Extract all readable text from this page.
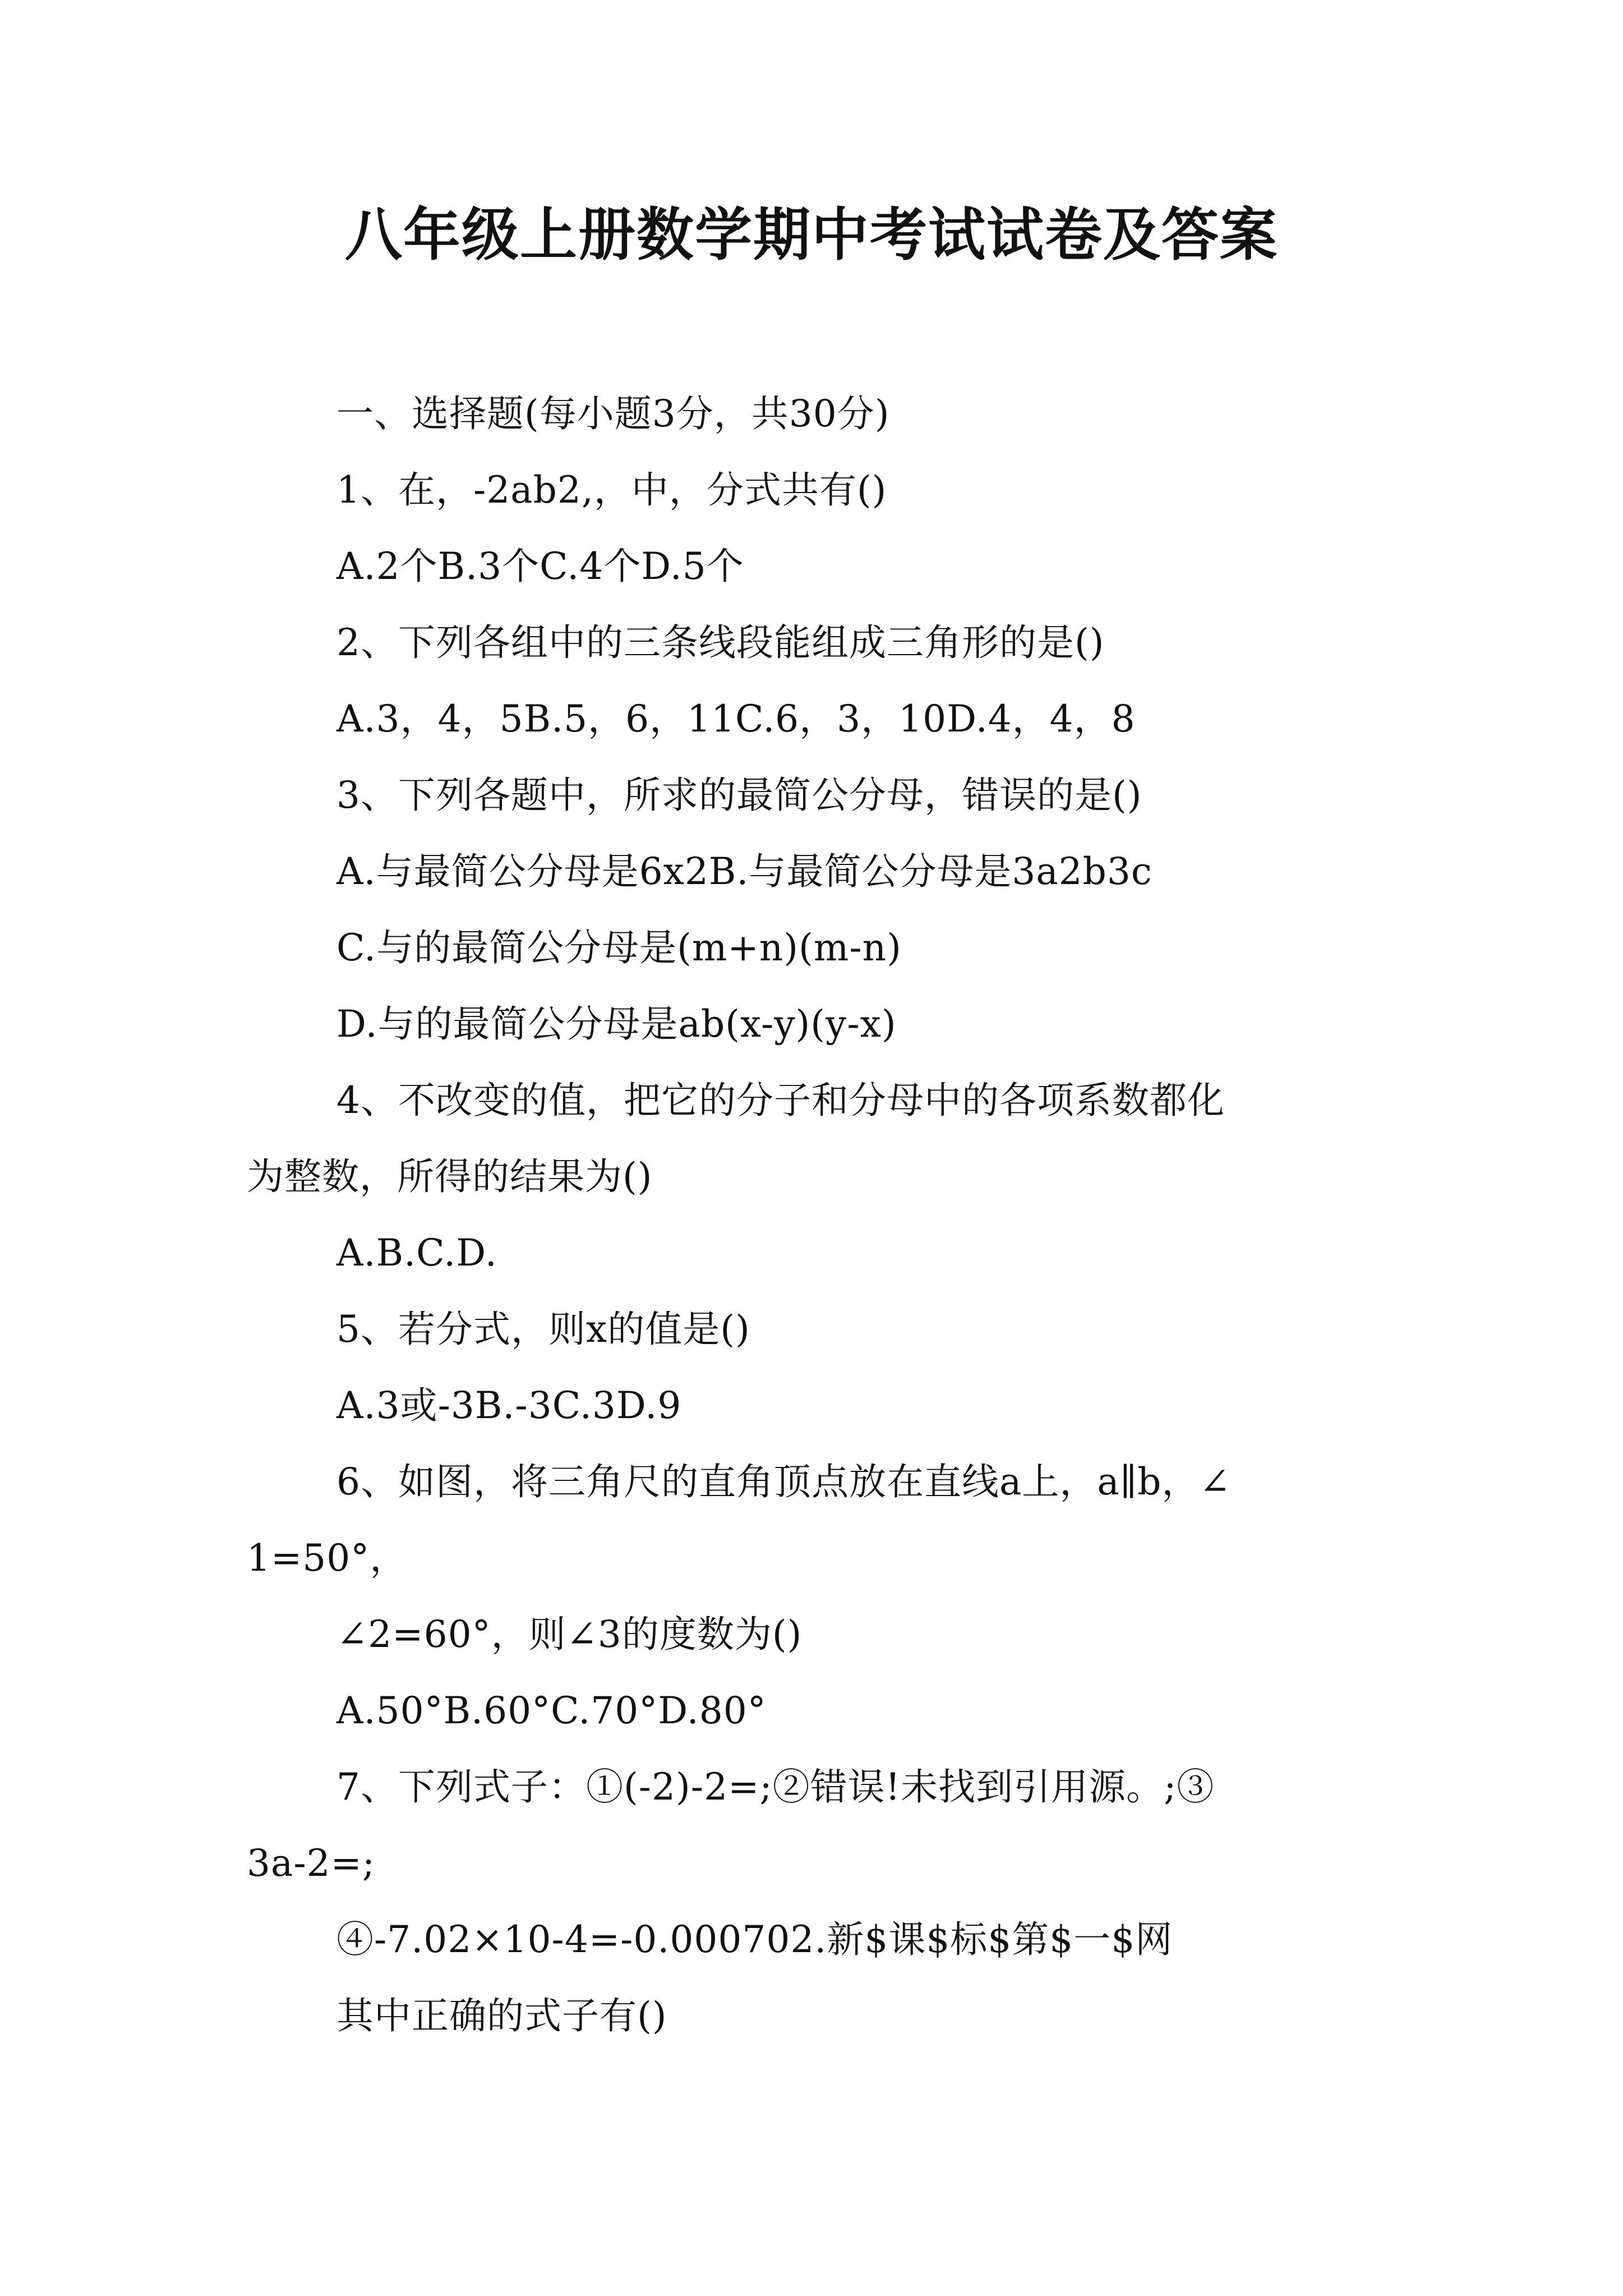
八年级上册数学期中考试试卷及答案
一、选择题(每小题3分，共30分)
1、在，-2ab2,，中，分式共有()
A.2个B.3个C.4个D.5个
2、下列各组中的三条线段能组成三角形的是()
A.3，4，5B.5，6，11C.6，3，10D.4，4，8
3、下列各题中，所求的最简公分母，错误的是()
A.与最简公分母是6x2B.与最简公分母是3a2b3c
C.与的最简公分母是(m+n)(m-n)
D.与的最简公分母是ab(x-y)(y-x)
4、不改变的值，把它的分子和分母中的各项系数都化
为整数，所得的结果为()
A.B.C.D.
5、若分式，则x的值是()
A.3或-3B.-3C.3D.9
6、如图，将三角尺的直角顶点放在直线a上，a∥b，∠
1=50°，
∠2=60°，则∠3的度数为()
A.50°B.60°C.70°D.80°
7、下列式子：①(-2)-2=;②错误!未找到引用源。;③
3a-2=;
④-7.02×10-4=-0.000702.新$课$标$第$一$网
其中正确的式子有()
